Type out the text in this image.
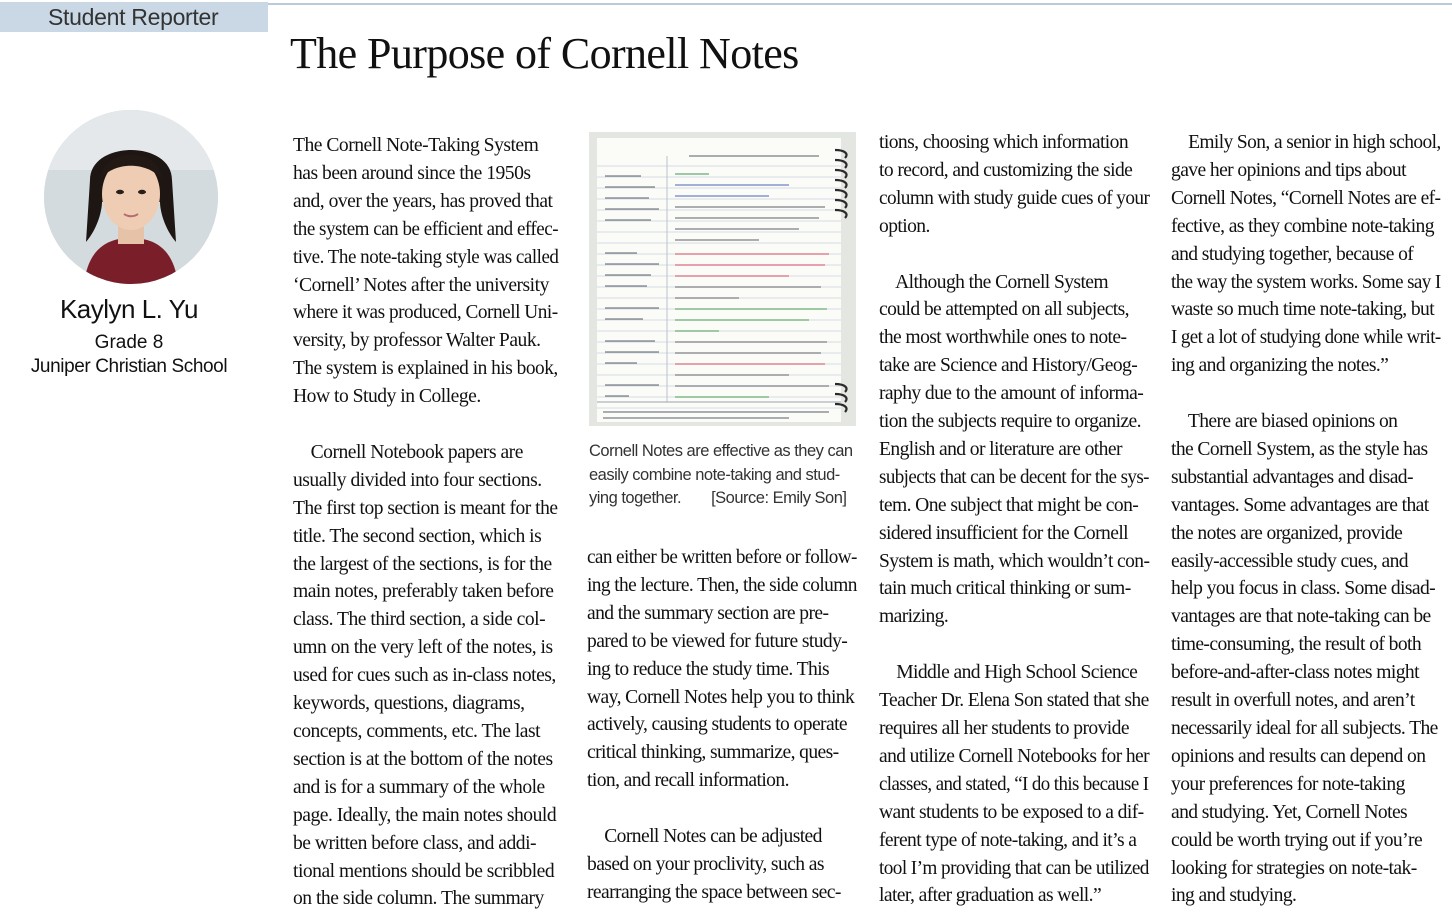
Student Reporter
The Purpose of Cornell Notes
Kaylyn L. Yu
Grade 8
Juniper Christian School
The Cornell Note-Taking System
has been around since the 1950s
and, over the years, has proved that
the system can be efficient and effec-
tive. The note-taking style was called
‘Cornell’ Notes after the university
where it was produced, Cornell Uni-
versity, by professor Walter Pauk.
The system is explained in his book,
How to Study in College.
Cornell Notebook papers are
usually divided into four sections.
The first top section is meant for the
title. The second section, which is
the largest of the sections, is for the
main notes, preferably taken before
class. The third section, a side col-
umn on the very left of the notes, is
used for cues such as in-class notes,
keywords, questions, diagrams,
concepts, comments, etc. The last
section is at the bottom of the notes
and is for a summary of the whole
page. Ideally, the main notes should
be written before class, and addi-
tional mentions should be scribbled
on the side column. The summary
Cornell Notes are effective as they can
easily combine note-taking and stud-
ying together. [Source: Emily Son]
can either be written before or follow-
ing the lecture. Then, the side column
and the summary section are pre-
pared to be viewed for future study-
ing to reduce the study time. This
way, Cornell Notes help you to think
actively, causing students to operate
critical thinking, summarize, ques-
tion, and recall information.
Cornell Notes can be adjusted
based on your proclivity, such as
rearranging the space between sec-
tions, choosing which information
to record, and customizing the side
column with study guide cues of your
option.
Although the Cornell System
could be attempted on all subjects,
the most worthwhile ones to note-
take are Science and History/Geog-
raphy due to the amount of informa-
tion the subjects require to organize.
English and or literature are other
subjects that can be decent for the sys-
tem. One subject that might be con-
sidered insufficient for the Cornell
System is math, which wouldn’t con-
tain much critical thinking or sum-
marizing.
Middle and High School Science
Teacher Dr. Elena Son stated that she
requires all her students to provide
and utilize Cornell Notebooks for her
classes, and stated, “I do this because I
want students to be exposed to a dif-
ferent type of note-taking, and it’s a
tool I’m providing that can be utilized
later, after graduation as well.”
Emily Son, a senior in high school,
gave her opinions and tips about
Cornell Notes, “Cornell Notes are ef-
fective, as they combine note-taking
and studying together, because of
the way the system works. Some say I
waste so much time note-taking, but
I get a lot of studying done while writ-
ing and organizing the notes.”
There are biased opinions on
the Cornell System, as the style has
substantial advantages and disad-
vantages. Some advantages are that
the notes are organized, provide
easily-accessible study cues, and
help you focus in class. Some disad-
vantages are that note-taking can be
time-consuming, the result of both
before-and-after-class notes might
result in overfull notes, and aren’t
necessarily ideal for all subjects. The
opinions and results can depend on
your preferences for note-taking
and studying. Yet, Cornell Notes
could be worth trying out if you’re
looking for strategies on note-tak-
ing and studying.
